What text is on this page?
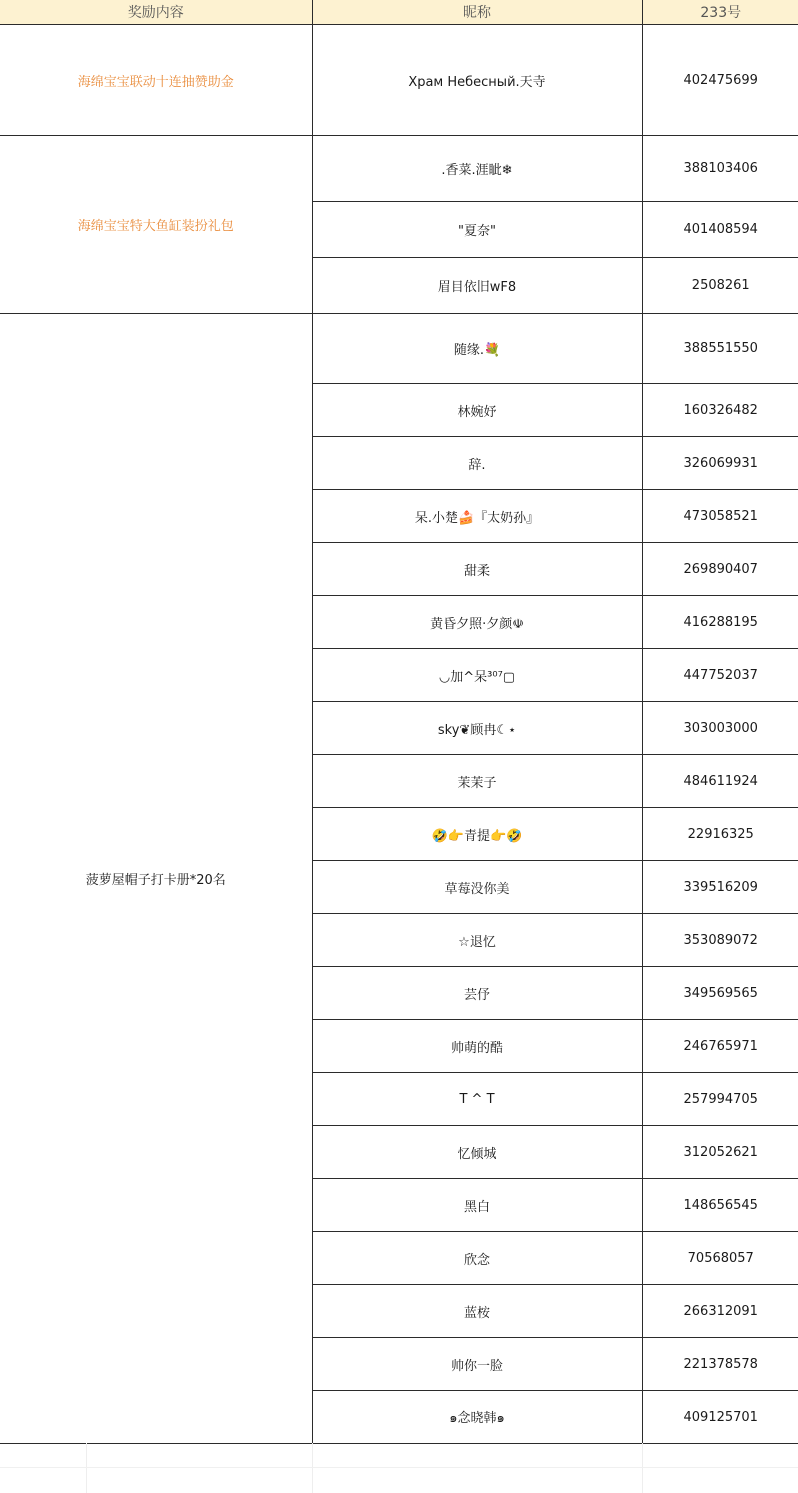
奖励内容	昵称	233号
海绵宝宝联动十连抽赞助金	Храм Небесный.天寺	402475699
海绵宝宝特大鱼缸装扮礼包	.香菜.涯眦❄	388103406
	"夏奈"	401408594
	眉目依旧wF8	2508261
菠萝屋帽子打卡册*20名	随缘.💐	388551550
	林婉妤	160326482
	辞.	326069931
	呆.小楚🍰『太奶孙』	473058521
	甜柔	269890407
	黄昏夕照·夕颜☫	416288195
	◡加^呆³⁰⁷▢	447752037
	sky❦顾冉☾⋆	303003000
	茉茉子	484611924
	🤣👉青提👉🤣	22916325
	草莓没你美	339516209
	☆退忆	353089072
	芸伃	349569565
	帅萌的酷	246765971
	T ^ T	257994705
	忆倾城	312052621
	黑白	148656545
	欣念	70568057
	蓝桉	266312091
	帅你一脸	221378578
	๑念晓韩๑	409125701
